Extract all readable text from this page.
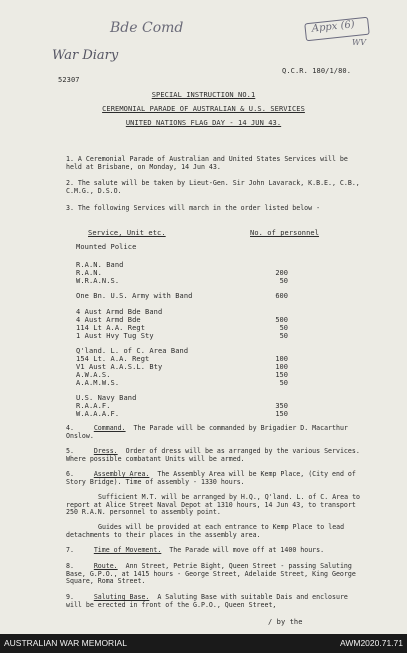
Bde Comd
War Diary
Appx (6)
WV
52307
Q.C.R. 180/1/80.
SPECIAL INSTRUCTION NO.1
CEREMONIAL PARADE OF AUSTRALIAN & U.S. SERVICES
UNITED NATIONS FLAG DAY - 14 JUN 43.
1. A Ceremonial Parade of Australian and United States Services will be held at Brisbane, on Monday, 14 Jun 43.
2. The salute will be taken by Lieut-Gen. Sir John Lavarack, K.B.E., C.B., C.M.G., D.S.O.
3. The following Services will march in the order listed below -
Service, Unit etc.	No. of personnel
Mounted Police
R.A.N. Band
R.A.N.	200
W.R.A.N.S.	50
One Bn. U.S. Army with Band	600
4 Aust Armd Bde Band
4 Aust Armd Bde	500
114 Lt A.A. Regt	50
1 Aust Hvy Tug Sty	50
Q'land. L. of C. Area Band
154 Lt. A.A. Regt	100
V1 Aust A.A.S.L. Bty	100
A.W.A.S.	150
A.A.M.W.S.	50
U.S. Navy Band
R.A.A.F.	350
W.A.A.A.F.	150
4.	Command. The Parade will be commanded by Brigadier D. Macarthur Onslow.
5.	Dress. Order of dress will be as arranged by the various Services. Where possible combatant Units will be armed.
6.	Assembly Area. The Assembly Area will be Kemp Place, (City end of Story Bridge). Time of assembly - 1330 hours.
Sufficient M.T. will be arranged by H.Q., Q'land. L. of C. Area to report at Alice Street Naval Depot at 1310 hours, 14 Jun 43, to transport 250 R.A.N. personnel to assembly point.
Guides will be provided at each entrance to Kemp Place to lead detachments to their places in the assembly area.
7.	Time of Movement. The Parade will move off at 1400 hours.
8.	Route. Ann Street, Petrie Bight, Queen Street - passing Saluting Base, G.P.O., at 1415 hours - George Street, Adelaide Street, King George Square, Roma Street.
9.	Saluting Base. A Saluting Base with suitable Dais and enclosure will be erected in front of the G.P.O., Queen Street,
/ by the
AUSTRALIAN WAR MEMORIAL	AWM2020.71.71
